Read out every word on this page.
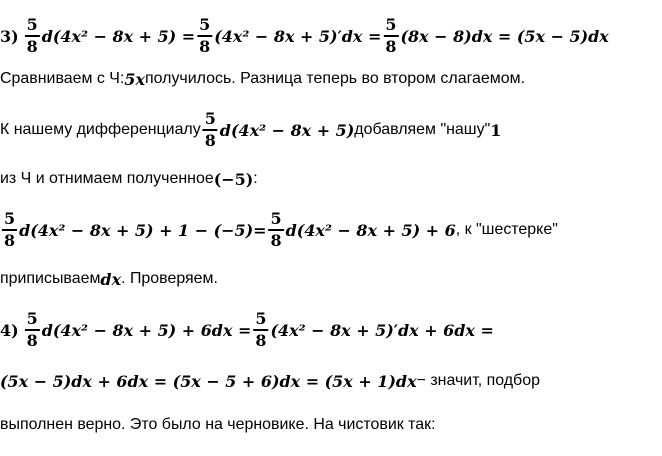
$3) \frac{5}{8} d(4x^2 - 8x + 5) = \frac{5}{8} (4x^2 - 8x + 5)'dx = \frac{5}{8} (8x - 8)dx = (5x - 5)dx$
Сравниваем с Ч: 5x получилось. Разница теперь во втором слагаемом.
К нашему дифференциалу $\frac{5}{8} d(4x^2 - 8x + 5)$ добавляем "нашу" 1
из Ч и отнимаем полученное (−5) :
$\frac{5}{8} d(4x^2 - 8x + 5) + 1 - (-5)= \frac{5}{8} d(4x^2 - 8x + 5) + 6$ , к "шестерке"
приписываем dx . Проверяем.
$4) \frac{5}{8} d(4x^2 - 8x + 5) + 6dx = \frac{5}{8} (4x^2 - 8x + 5)'dx + 6dx$ =
(5x − 5)dx + 6dx = (5x − 5 + 6)dx = (5x + 1)dx − значит, подбор
выполнен верно. Это было на черновике. На чистовик так:
